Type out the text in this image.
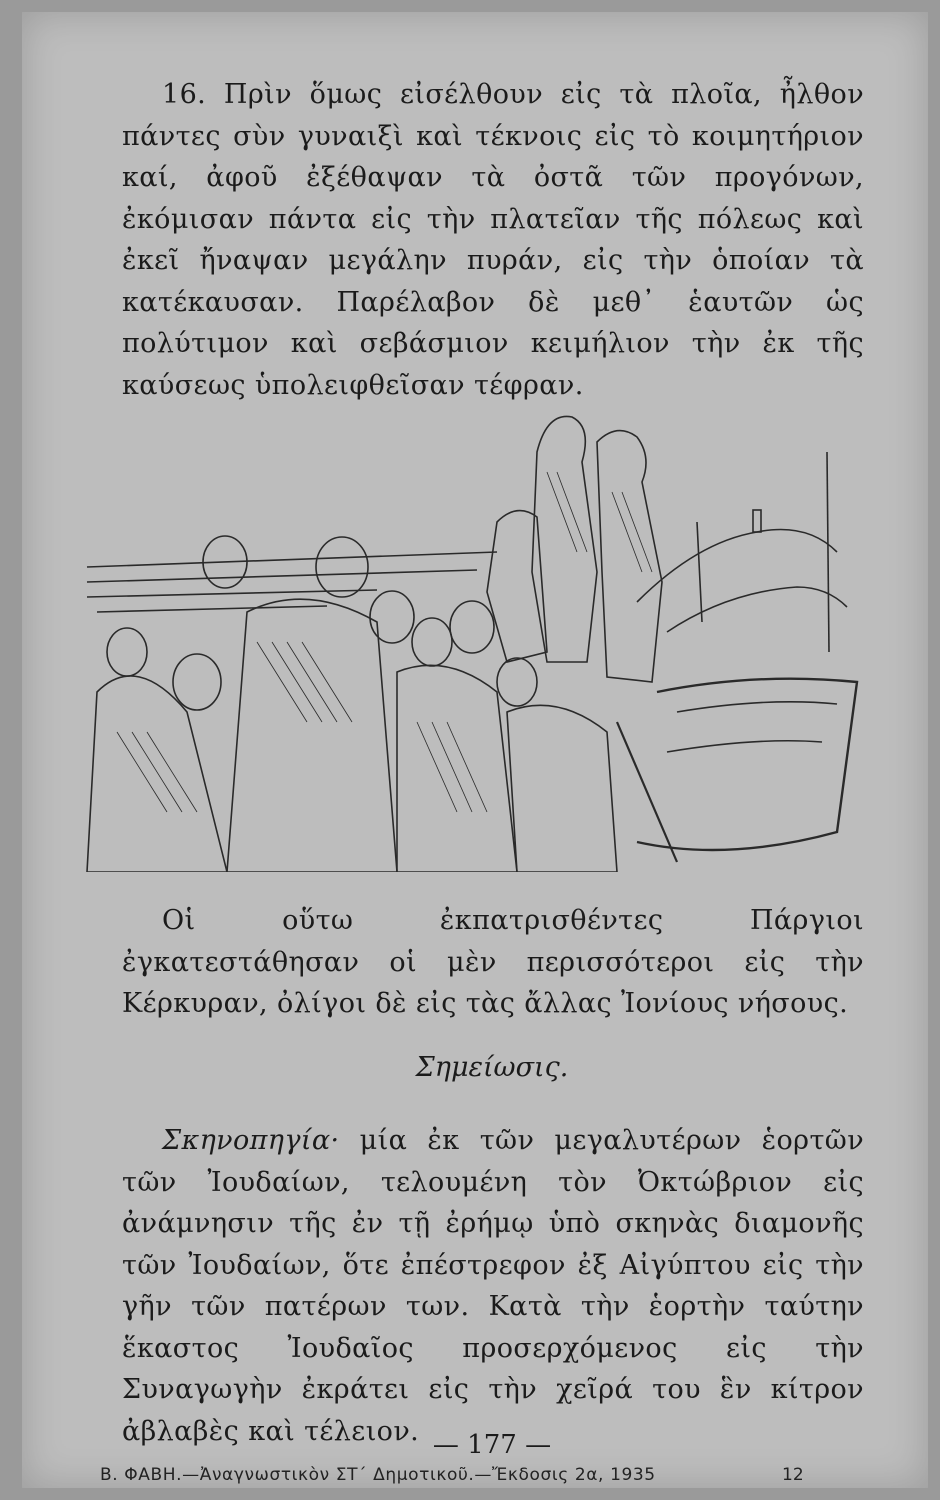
16. Πρὶν ὅμως εἰσέλθουν εἰς τὰ πλοῖα, ἦλθον πάντες σὺν γυναιξὶ καὶ τέκνοις εἰς τὸ κοιμητήριον καί, ἀφοῦ ἐξέθαψαν τὰ ὀστᾶ τῶν προγόνων, ἐκόμισαν πάντα εἰς τὴν πλατεῖαν τῆς πόλεως καὶ ἐκεῖ ἤναψαν μεγάλην πυράν, εἰς τὴν ὁποίαν τὰ κατέκαυσαν. Παρέλαβον δὲ μεθ᾽ ἑαυτῶν ὡς πολύτιμον καὶ σεβάσμιον κειμήλιον τὴν ἐκ τῆς καύσεως ὑπολειφθεῖσαν τέφραν.

Οἱ οὕτω ἐκπατρισθέντες Πάργιοι ἐγκατεστάθησαν οἱ μὲν περισσότεροι εἰς τὴν Κέρκυραν, ὀλίγοι δὲ εἰς τὰς ἄλλας Ἰονίους νήσους.

Σημείωσις.

Σκηνοπηγία· μία ἐκ τῶν μεγαλυτέρων ἑορτῶν τῶν Ἰουδαίων, τελουμένη τὸν Ὀκτώβριον εἰς ἀνάμνησιν τῆς ἐν τῇ ἐρήμῳ ὑπὸ σκηνὰς διαμονῆς τῶν Ἰουδαίων, ὅτε ἐπέστρεφον ἐξ Αἰγύπτου εἰς τὴν γῆν τῶν πατέρων των. Κατὰ τὴν ἑορτὴν ταύτην ἕκαστος Ἰουδαῖος προσερχόμενος εἰς τὴν Συναγωγὴν ἐκράτει εἰς τὴν χεῖρά του ἓν κίτρον ἀβλαβὲς καὶ τέλειον. — 177 —
Β. ΦΑΒΗ.—Ἀναγνωστικὸν ΣΤ´ Δημοτικοῦ.—Ἔκδοσις 2α, 1935	12
